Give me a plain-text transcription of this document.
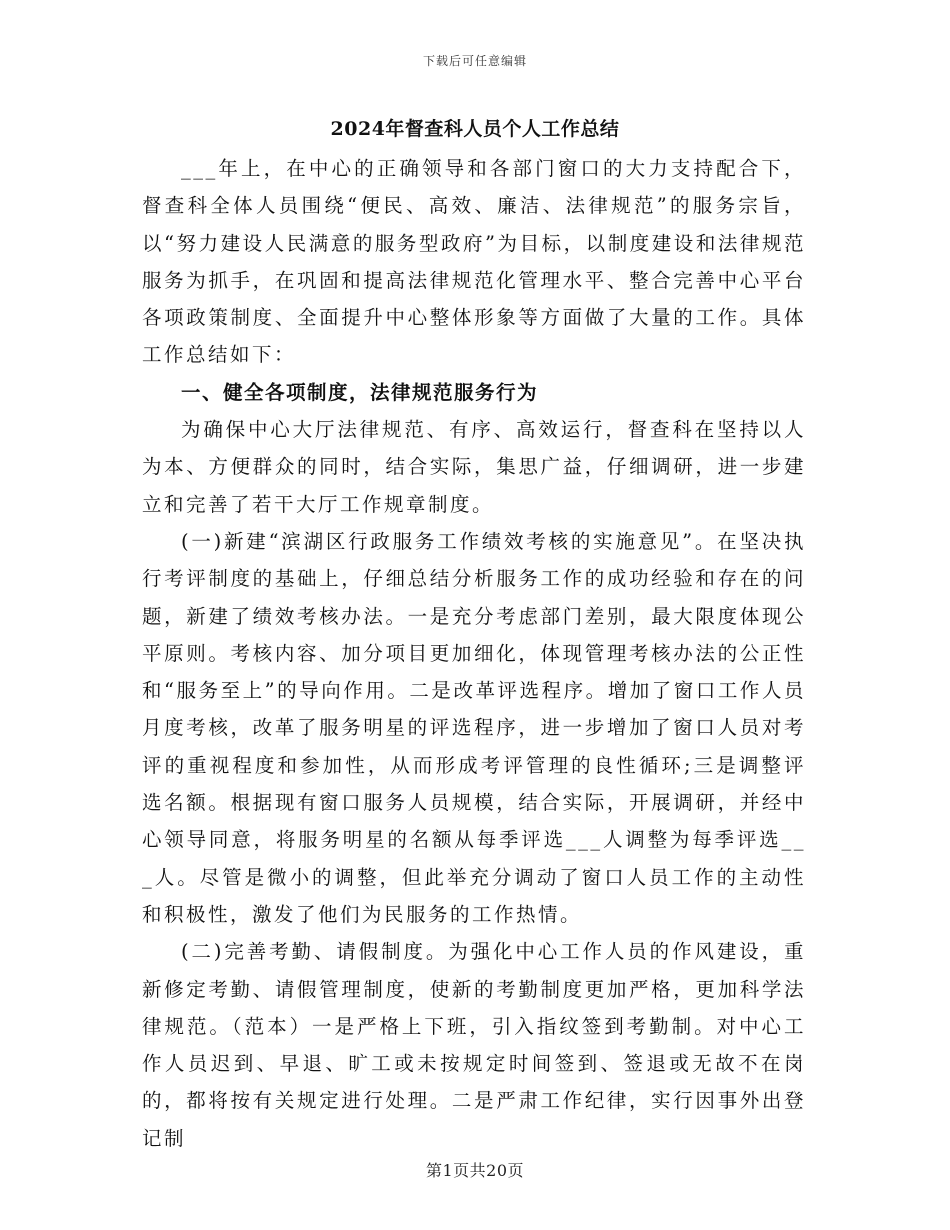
下载后可任意编辑
2024年督查科人员个人工作总结

___年上，在中心的正确领导和各部门窗口的大力支持配合下，督查科全体人员围绕“便民、高效、廉洁、法律规范”的服务宗旨，以“努力建设人民满意的服务型政府”为目标，以制度建设和法律规范服务为抓手，在巩固和提高法律规范化管理水平、整合完善中心平台各项政策制度、全面提升中心整体形象等方面做了大量的工作。具体工作总结如下：

一、健全各项制度，法律规范服务行为

为确保中心大厅法律规范、有序、高效运行，督查科在坚持以人为本、方便群众的同时，结合实际，集思广益，仔细调研，进一步建立和完善了若干大厅工作规章制度。

(一)新建“滨湖区行政服务工作绩效考核的实施意见”。在坚决执行考评制度的基础上，仔细总结分析服务工作的成功经验和存在的问题，新建了绩效考核办法。一是充分考虑部门差别，最大限度体现公平原则。考核内容、加分项目更加细化，体现管理考核办法的公正性和“服务至上”的导向作用。二是改革评选程序。增加了窗口工作人员月度考核，改革了服务明星的评选程序，进一步增加了窗口人员对考评的重视程度和参加性，从而形成考评管理的良性循环;三是调整评选名额。根据现有窗口服务人员规模，结合实际，开展调研，并经中心领导同意，将服务明星的名额从每季评选___人调整为每季评选___人。尽管是微小的调整，但此举充分调动了窗口人员工作的主动性和积极性，激发了他们为民服务的工作热情。

(二)完善考勤、请假制度。为强化中心工作人员的作风建设，重新修定考勤、请假管理制度，使新的考勤制度更加严格，更加科学法律规范。（范本）一是严格上下班，引入指纹签到考勤制。对中心工作人员迟到、早退、旷工或未按规定时间签到、签退或无故不在岗的，都将按有关规定进行处理。二是严肃工作纪律，实行因事外出登记制

第1页共20页
